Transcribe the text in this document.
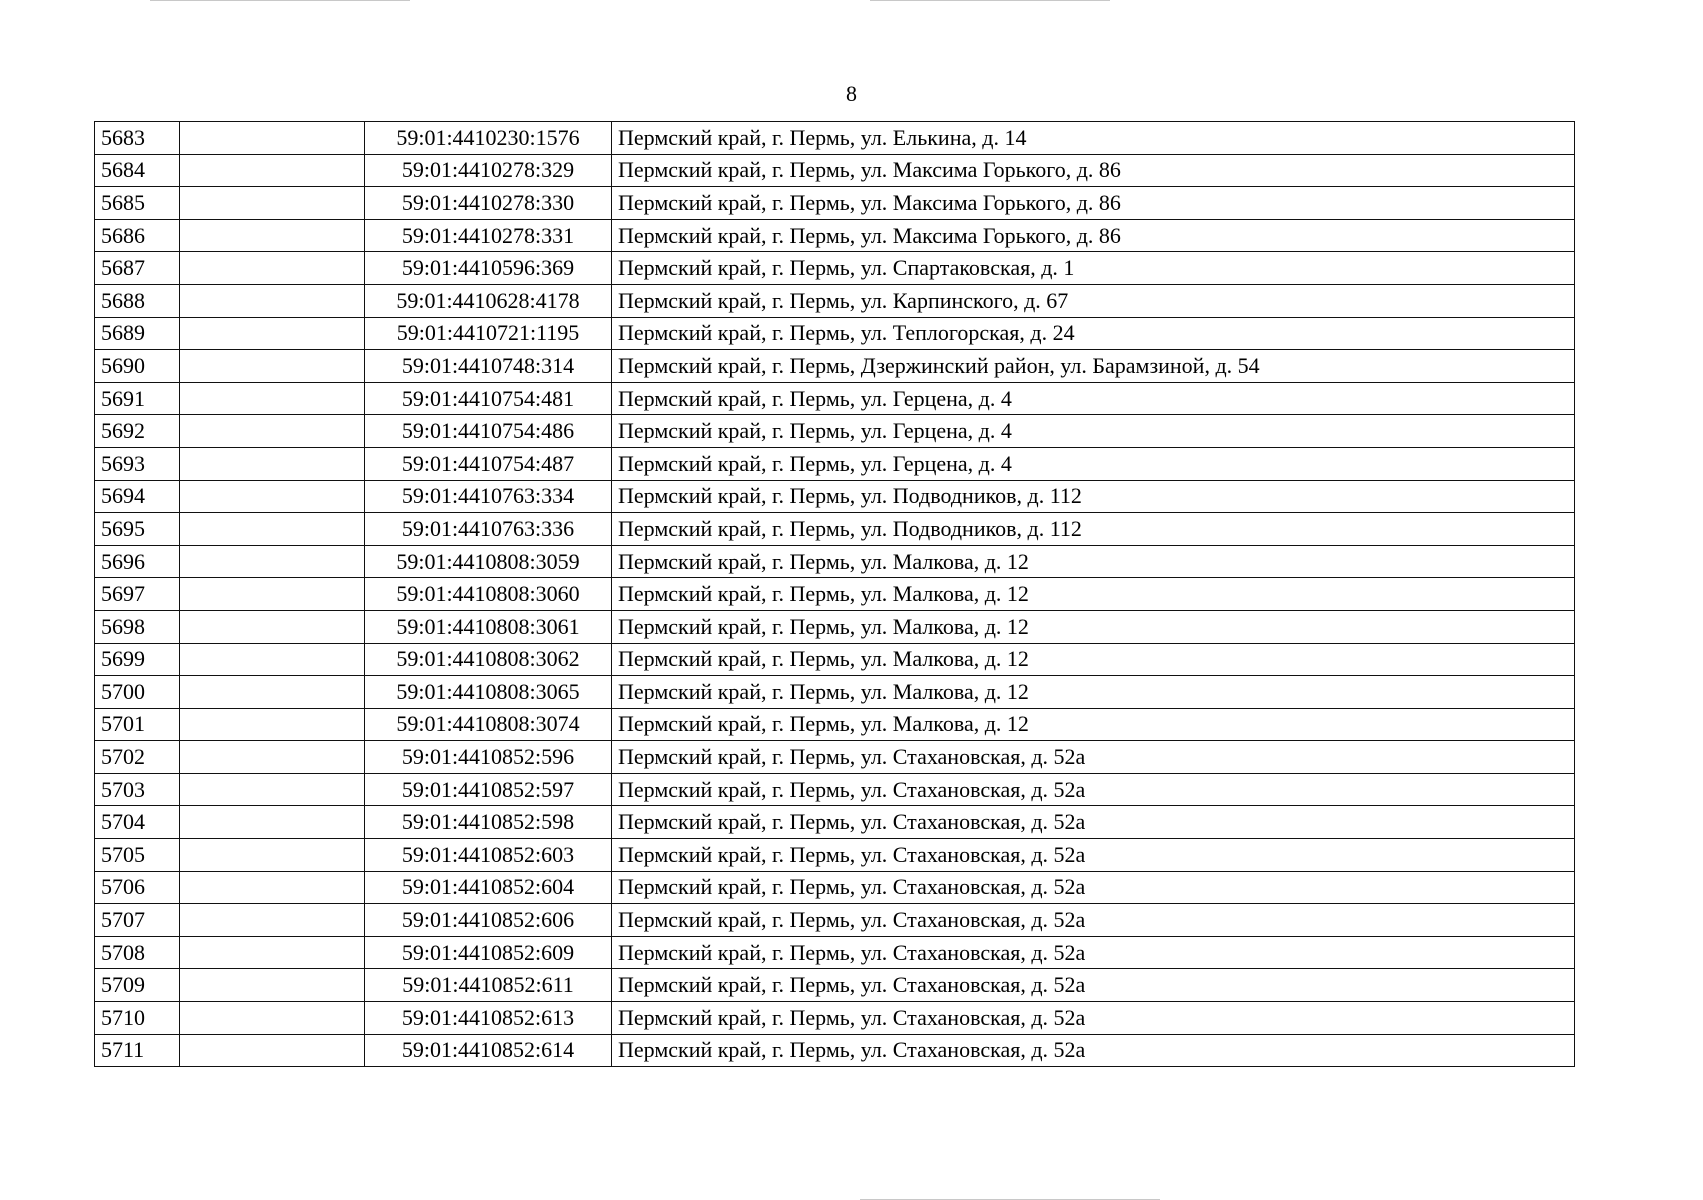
8
5683		59:01:4410230:1576	Пермский край, г. Пермь, ул. Елькина, д. 14
5684		59:01:4410278:329	Пермский край, г. Пермь, ул. Максима Горького, д. 86
5685		59:01:4410278:330	Пермский край, г. Пермь, ул. Максима Горького, д. 86
5686		59:01:4410278:331	Пермский край, г. Пермь, ул. Максима Горького, д. 86
5687		59:01:4410596:369	Пермский край, г. Пермь, ул. Спартаковская, д. 1
5688		59:01:4410628:4178	Пермский край, г. Пермь, ул. Карпинского, д. 67
5689		59:01:4410721:1195	Пермский край, г. Пермь, ул. Теплогорская, д. 24
5690		59:01:4410748:314	Пермский край, г. Пермь, Дзержинский район, ул. Барамзиной, д. 54
5691		59:01:4410754:481	Пермский край, г. Пермь, ул. Герцена, д. 4
5692		59:01:4410754:486	Пермский край, г. Пермь, ул. Герцена, д. 4
5693		59:01:4410754:487	Пермский край, г. Пермь, ул. Герцена, д. 4
5694		59:01:4410763:334	Пермский край, г. Пермь, ул. Подводников, д. 112
5695		59:01:4410763:336	Пермский край, г. Пермь, ул. Подводников, д. 112
5696		59:01:4410808:3059	Пермский край, г. Пермь, ул. Малкова, д. 12
5697		59:01:4410808:3060	Пермский край, г. Пермь, ул. Малкова, д. 12
5698		59:01:4410808:3061	Пермский край, г. Пермь, ул. Малкова, д. 12
5699		59:01:4410808:3062	Пермский край, г. Пермь, ул. Малкова, д. 12
5700		59:01:4410808:3065	Пермский край, г. Пермь, ул. Малкова, д. 12
5701		59:01:4410808:3074	Пермский край, г. Пермь, ул. Малкова, д. 12
5702		59:01:4410852:596	Пермский край, г. Пермь, ул. Стахановская, д. 52а
5703		59:01:4410852:597	Пермский край, г. Пермь, ул. Стахановская, д. 52а
5704		59:01:4410852:598	Пермский край, г. Пермь, ул. Стахановская, д. 52а
5705		59:01:4410852:603	Пермский край, г. Пермь, ул. Стахановская, д. 52а
5706		59:01:4410852:604	Пермский край, г. Пермь, ул. Стахановская, д. 52а
5707		59:01:4410852:606	Пермский край, г. Пермь, ул. Стахановская, д. 52а
5708		59:01:4410852:609	Пермский край, г. Пермь, ул. Стахановская, д. 52а
5709		59:01:4410852:611	Пермский край, г. Пермь, ул. Стахановская, д. 52а
5710		59:01:4410852:613	Пермский край, г. Пермь, ул. Стахановская, д. 52а
5711		59:01:4410852:614	Пермский край, г. Пермь, ул. Стахановская, д. 52а
